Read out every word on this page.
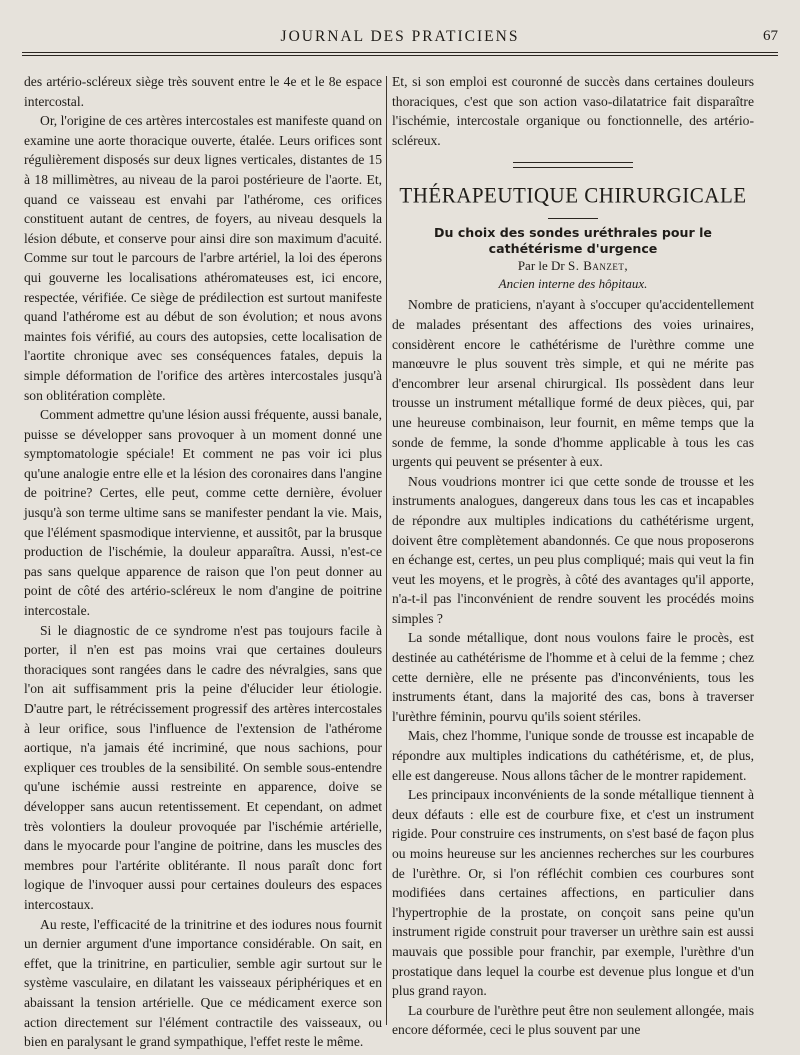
JOURNAL DES PRATICIENS	67

des artério-scléreux siège très souvent entre le 4e et le 8e espace intercostal.

Or, l'origine de ces artères intercostales est manifeste quand on examine une aorte thoracique ouverte, étalée. Leurs orifices sont régulièrement disposés sur deux lignes verticales, distantes de 15 à 18 millimètres, au niveau de la paroi postérieure de l'aorte. Et, quand ce vaisseau est envahi par l'athérome, ces orifices constituent autant de centres, de foyers, au niveau desquels la lésion débute, et conserve pour ainsi dire son maximum d'acuité. Comme sur tout le parcours de l'arbre artériel, la loi des éperons qui gouverne les localisations athéromateuses est, ici encore, respectée, vérifiée. Ce siège de prédilection est surtout manifeste quand l'athérome est au début de son évolution; et nous avons maintes fois vérifié, au cours des autopsies, cette localisation de l'aortite chronique avec ses conséquences fatales, depuis la simple déformation de l'orifice des artères intercostales jusqu'à son oblitération complète.

Comment admettre qu'une lésion aussi fréquente, aussi banale, puisse se développer sans provoquer à un moment donné une symptomatologie spéciale! Et comment ne pas voir ici plus qu'une analogie entre elle et la lésion des coronaires dans l'angine de poitrine? Certes, elle peut, comme cette dernière, évoluer jusqu'à son terme ultime sans se manifester pendant la vie. Mais, que l'élément spasmodique intervienne, et aussitôt, par la brusque production de l'ischémie, la douleur apparaîtra. Aussi, n'est-ce pas sans quelque apparence de raison que l'on peut donner au point de côté des artério-scléreux le nom d'angine de poitrine intercostale.

Si le diagnostic de ce syndrome n'est pas toujours facile à porter, il n'en est pas moins vrai que certaines douleurs thoraciques sont rangées dans le cadre des névralgies, sans que l'on ait suffisamment pris la peine d'élucider leur étiologie. D'autre part, le rétrécissement progressif des artères intercostales à leur orifice, sous l'influence de l'extension de l'athérome aortique, n'a jamais été incriminé, que nous sachions, pour expliquer ces troubles de la sensibilité. On semble sous-entendre qu'une ischémie aussi restreinte en apparence, doive se développer sans aucun retentissement. Et cependant, on admet très volontiers la douleur provoquée par l'ischémie artérielle, dans le myocarde pour l'angine de poitrine, dans les muscles des membres pour l'artérite oblitérante. Il nous paraît donc fort logique de l'invoquer aussi pour certaines douleurs des espaces intercostaux.

Au reste, l'efficacité de la trinitrine et des iodures nous fournit un dernier argument d'une importance considérable. On sait, en effet, que la trinitrine, en particulier, semble agir surtout sur le système vasculaire, en dilatant les vaisseaux périphériques et en abaissant la tension artérielle. Que ce médicament exerce son action directement sur l'élément contractile des vaisseaux, ou bien en paralysant le grand sympathique, l'effet reste le même.

Et, si son emploi est couronné de succès dans certaines douleurs thoraciques, c'est que son action vaso-dilatatrice fait disparaître l'ischémie, intercostale organique ou fonctionnelle, des artério-scléreux.

THÉRAPEUTIQUE CHIRURGICALE
Du choix des sondes uréthrales pour le
cathétérisme d'urgence
Par le Dr S. Banzet,
Ancien interne des hôpitaux.

Nombre de praticiens, n'ayant à s'occuper qu'accidentellement de malades présentant des affections des voies urinaires, considèrent encore le cathétérisme de l'urèthre comme une manœuvre le plus souvent très simple, et qui ne mérite pas d'encombrer leur arsenal chirurgical. Ils possèdent dans leur trousse un instrument métallique formé de deux pièces, qui, par une heureuse combinaison, leur fournit, en même temps que la sonde de femme, la sonde d'homme applicable à tous les cas urgents qui peuvent se présenter à eux.

Nous voudrions montrer ici que cette sonde de trousse et les instruments analogues, dangereux dans tous les cas et incapables de répondre aux multiples indications du cathétérisme urgent, doivent être complètement abandonnés. Ce que nous proposerons en échange est, certes, un peu plus compliqué; mais qui veut la fin veut les moyens, et le progrès, à côté des avantages qu'il apporte, n'a-t-il pas l'inconvénient de rendre souvent les procédés moins simples ?

La sonde métallique, dont nous voulons faire le procès, est destinée au cathétérisme de l'homme et à celui de la femme ; chez cette dernière, elle ne présente pas d'inconvénients, tous les instruments étant, dans la majorité des cas, bons à traverser l'urèthre féminin, pourvu qu'ils soient stériles.

Mais, chez l'homme, l'unique sonde de trousse est incapable de répondre aux multiples indications du cathétérisme, et, de plus, elle est dangereuse. Nous allons tâcher de le montrer rapidement.

Les principaux inconvénients de la sonde métallique tiennent à deux défauts : elle est de courbure fixe, et c'est un instrument rigide. Pour construire ces instruments, on s'est basé de façon plus ou moins heureuse sur les anciennes recherches sur les courbures de l'urèthre. Or, si l'on réfléchit combien ces courbures sont modifiées dans certaines affections, en particulier dans l'hypertrophie de la prostate, on conçoit sans peine qu'un instrument rigide construit pour traverser un urèthre sain est aussi mauvais que possible pour franchir, par exemple, l'urèthre d'un prostatique dans lequel la courbe est devenue plus longue et d'un plus grand rayon.

La courbure de l'urèthre peut être non seulement allongée, mais encore déformée, ceci le plus souvent par une
